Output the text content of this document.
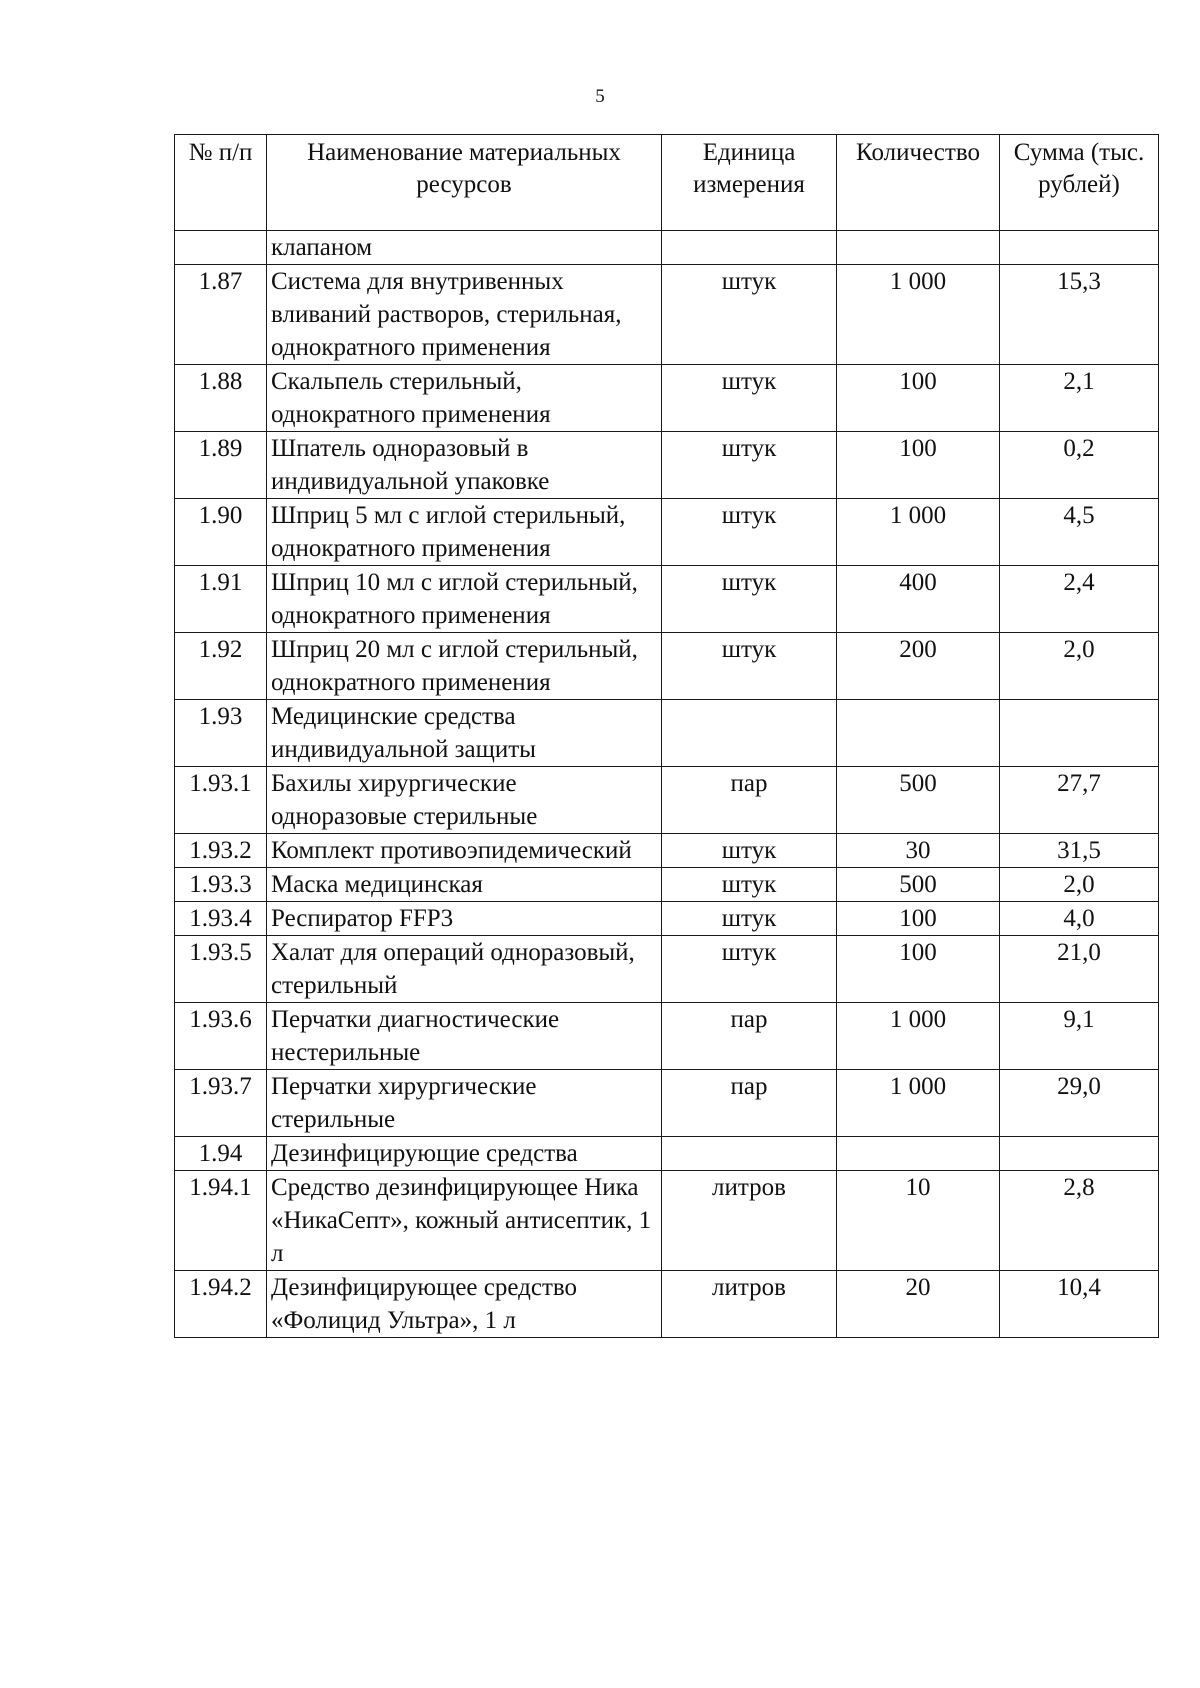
5
№ п/п	Наименование материальных ресурсов	Единица измерения	Количество	Сумма (тыс. рублей)
	клапаном			
1.87	Система для внутривенных вливаний растворов, стерильная, однократного применения	штук	1 000	15,3
1.88	Скальпель стерильный, однократного применения	штук	100	2,1
1.89	Шпатель одноразовый в индивидуальной упаковке	штук	100	0,2
1.90	Шприц 5 мл с иглой стерильный, однократного применения	штук	1 000	4,5
1.91	Шприц 10 мл с иглой стерильный, однократного применения	штук	400	2,4
1.92	Шприц 20 мл с иглой стерильный, однократного применения	штук	200	2,0
1.93	Медицинские средства индивидуальной защиты			
1.93.1	Бахилы хирургические одноразовые стерильные	пар	500	27,7
1.93.2	Комплект противоэпидемический	штук	30	31,5
1.93.3	Маска медицинская	штук	500	2,0
1.93.4	Респиратор FFP3	штук	100	4,0
1.93.5	Халат для операций одноразовый, стерильный	штук	100	21,0
1.93.6	Перчатки диагностические нестерильные	пар	1 000	9,1
1.93.7	Перчатки хирургические стерильные	пар	1 000	29,0
1.94	Дезинфицирующие средства			
1.94.1	Средство дезинфицирующее Ника «НикаСепт», кожный антисептик, 1 л	литров	10	2,8
1.94.2	Дезинфицирующее средство «Фолицид Ультра», 1 л	литров	20	10,4
